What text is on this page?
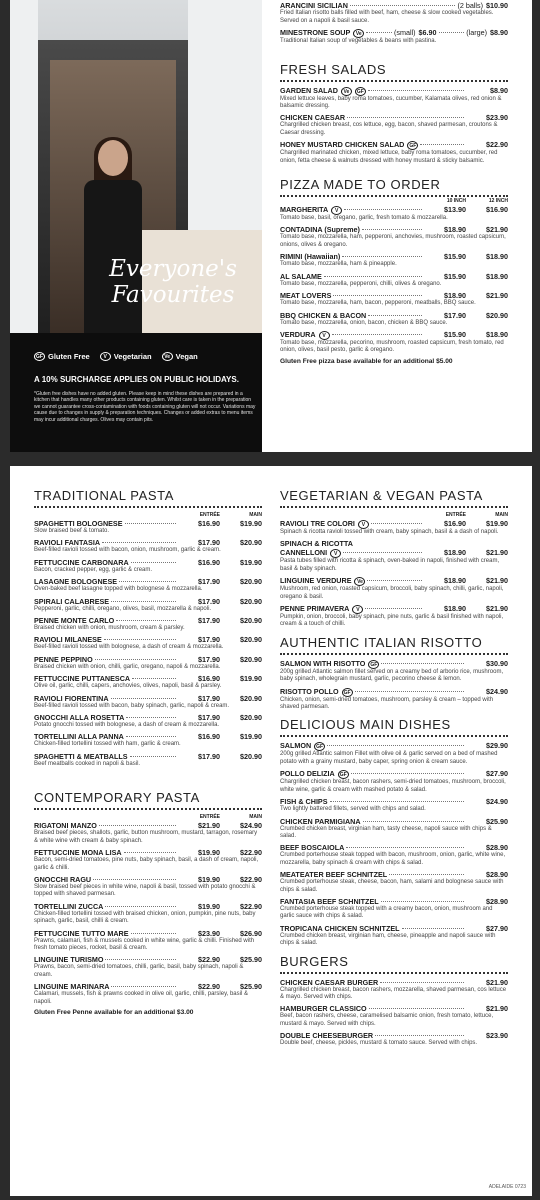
Everyone's
Favourites
GF Gluten Free	V Vegetarian	Ve Vegan
A 10% SURCHARGE APPLIES ON PUBLIC HOLIDAYS.
*Gluten free dishes have no added gluten. Please keep in mind these dishes are prepared in a kitchen that handles many other products containing gluten. Whilst care is taken in the preparation we cannot guarantee cross-contamination with foods containing gluten will not occur. Variations may cause due to changes in supply & preparation techniques. Changes or added extras to menu items may incur additional charges. Olives may contain pits.
ARANCINI SICILIAN	(2 balls) $10.90
Fried Italian risotto balls filled with beef, ham, cheese & slow cooked vegetables. Served on a napoli & basil sauce.
MINESTRONE SOUP	Ve	(small) $6.90	(large) $8.90
Traditional Italian soup of vegetables & beans with pastina.
FRESH SALADS
GARDEN SALAD	Ve	GF	$8.90
Mixed lettuce leaves, baby roma tomatoes, cucumber, Kalamata olives, red onion & balsamic dressing.
CHICKEN CAESAR	$23.90
Chargrilled chicken breast, cos lettuce, egg, bacon, shaved parmesan, croutons & Caesar dressing.
HONEY MUSTARD CHICKEN SALAD	GF	$22.90
Chargrilled marinated chicken, mixed lettuce, baby roma tomatoes, cucumber, red onion, fetta cheese & walnuts dressed with honey mustard & sticky balsamic.
PIZZA MADE TO ORDER
10 INCH	12 INCH
MARGHERITA	V	$13.90	$16.90
Tomato base, basil, oregano, garlic, fresh tomato & mozzarella.
CONTADINA (Supreme)	$18.90	$21.90
Tomato base, mozzarella, ham, pepperoni, anchovies, mushroom, roasted capsicum, onions, olives & oregano.
RIMINI (Hawaiian)	$15.90	$18.90
Tomato base, mozzarella, ham & pineapple.
AL SALAME	$15.90	$18.90
Tomato base, mozzarella, pepperoni, chilli, olives & oregano.
MEAT LOVERS	$18.90	$21.90
Tomato base, mozzarella, ham, bacon, pepperoni, meatballs, BBQ sauce.
BBQ CHICKEN & BACON	$17.90	$20.90
Tomato base, mozzarella, onion, bacon, chicken & BBQ sauce.
VERDURA	V	$15.90	$18.90
Tomato base, mozzarella, pecorino, mushroom, roasted capsicum, fresh tomato, red onion, olives, basil pesto, garlic & oregano.
Gluten Free pizza base available for an additional $5.00
TRADITIONAL PASTA
ENTRÉE	MAIN
SPAGHETTI BOLOGNESE	$16.90	$19.90
Slow braised beef & tomato.
RAVIOLI FANTASIA	$17.90	$20.90
Beef-filled ravioli tossed with bacon, onion, mushroom, garlic & cream.
FETTUCCINE CARBONARA	$16.90	$19.90
Bacon, cracked pepper, egg, garlic & cream.
LASAGNE BOLOGNESE	$17.90	$20.90
Oven-baked beef lasagne topped with bolognese & mozzarella.
SPIRALI CALABRESE	$17.90	$20.90
Pepperoni, garlic, chilli, oregano, olives, basil, mozzarella & napoli.
PENNE MONTE CARLO	$17.90	$20.90
Braised chicken with onion, mushroom, cream & parsley.
RAVIOLI MILANESE	$17.90	$20.90
Beef-filled ravioli tossed with bolognese, a dash of cream & mozzarella.
PENNE PEPPINO	$17.90	$20.90
Braised chicken with onion, chilli, garlic, oregano, napoli & mozzarella.
FETTUCCINE PUTTANESCA	$16.90	$19.90
Olive oil, garlic, chilli, capers, anchovies, olives, napoli, basil & parsley.
RAVIOLI FIORENTINA	$17.90	$20.90
Beef-filled ravioli tossed with bacon, baby spinach, garlic, napoli & cream.
GNOCCHI ALLA ROSETTA	$17.90	$20.90
Potato gnocchi tossed with bolognese, a dash of cream & mozzarella.
TORTELLINI ALLA PANNA	$16.90	$19.90
Chicken-filled tortellini tossed with ham, garlic & cream.
SPAGHETTI & MEATBALLS	$17.90	$20.90
Beef meatballs cooked in napoli & basil.
CONTEMPORARY PASTA
ENTRÉE	MAIN
RIGATONI MANZO	$21.90	$24.90
Braised beef pieces, shallots, garlic, button mushroom, mustard, tarragon, rosemary & white wine with cream & baby spinach.
FETTUCCINE MONA LISA	$19.90	$22.90
Bacon, semi-dried tomatoes, pine nuts, baby spinach, basil, a dash of cream, napoli, garlic & chilli.
GNOCCHI RAGU	$19.90	$22.90
Slow braised beef pieces in white wine, napoli & basil, tossed with potato gnocchi & topped with shaved parmesan.
TORTELLINI ZUCCA	$19.90	$22.90
Chicken-filled tortellini tossed with braised chicken, onion, pumpkin, pine nuts, baby spinach, garlic, basil, chilli & cream.
FETTUCCINE TUTTO MARE	$23.90	$26.90
Prawns, calamari, fish & mussels cooked in white wine, garlic & chilli. Finished with fresh tomato pieces, rocket, basil & cream.
LINGUINE TURISMO	$22.90	$25.90
Prawns, bacon, semi-dried tomatoes, chilli, garlic, basil, baby spinach, napoli & cream.
LINGUINE MARINARA	$22.90	$25.90
Calamari, mussels, fish & prawns cooked in olive oil, garlic, chilli, parsley, basil & napoli.
Gluten Free Penne available for an additional $3.00
VEGETARIAN & VEGAN PASTA
ENTRÉE	MAIN
RAVIOLI TRE COLORI	V	$16.90	$19.90
Spinach & ricotta ravioli tossed with cream, baby spinach, basil & a dash of napoli.
SPINACH & RICOTTA
CANNELLONI	V	$18.90	$21.90
Pasta tubes filled with ricotta & spinach, oven-baked in napoli, finished with cream, basil & baby spinach.
LINGUINE VERDURE	Ve	$18.90	$21.90
Mushroom, red onion, roasted capsicum, broccoli, baby spinach, chilli, garlic, napoli, oregano & basil.
PENNE PRIMAVERA	V	$18.90	$21.90
Pumpkin, onion, broccoli, baby spinach, pine nuts, garlic & basil finished with napoli, cream & a touch of chilli.
AUTHENTIC ITALIAN RISOTTO
SALMON WITH RISOTTO	GF	$30.90
200g grilled Atlantic salmon fillet served on a creamy bed of arborio rice, mushroom, baby spinach, wholegrain mustard, garlic, pecorino cheese & lemon.
RISOTTO POLLO	GF	$24.90
Chicken, onion, semi-dried tomatoes, mushroom, parsley & cream – topped with shaved parmesan.
DELICIOUS MAIN DISHES
SALMON	GF	$29.90
200g grilled Atlantic salmon Fillet with olive oil & garlic served on a bed of mashed potato with a grainy mustard, baby caper, spring onion & cream sauce.
POLLO DELIZIA	GF	$27.90
Chargrilled chicken breast, bacon rashers, semi-dried tomatoes, mushroom, broccoli, white wine, garlic & cream with mashed potato & salad.
FISH & CHIPS	$24.90
Two lightly battered fillets, served with chips and salad.
CHICKEN PARMIGIANA	$25.90
Crumbed chicken breast, virginian ham, tasty cheese, napoli sauce with chips & salad.
BEEF BOSCAIOLA	$28.90
Crumbed porterhouse steak topped with bacon, mushroom, onion, garlic, white wine, mozzarella, baby spinach & cream with chips & salad.
MEATEATER BEEF SCHNITZEL	$28.90
Crumbed porterhouse steak, cheese, bacon, ham, salami and bolognese sauce with chips & salad.
FANTASIA BEEF SCHNITZEL	$28.90
Crumbed porterhouse steak topped with a creamy bacon, onion, mushroom and garlic sauce with chips & salad.
TROPICANA CHICKEN SCHNITZEL	$27.90
Crumbed chicken breast, virginian ham, cheese, pineapple and napoli sauce with chips & salad.
BURGERS
CHICKEN CAESAR BURGER	$21.90
Chargrilled chicken breast, bacon rashers, mozzarella, shaved parmesan, cos lettuce & mayo. Served with chips.
HAMBURGER CLASSICO	$21.90
Beef, bacon rashers, cheese, caramelised balsamic onion, fresh tomato, lettuce, mustard & mayo. Served with chips.
DOUBLE CHEESEBURGER	$23.90
Double beef, cheese, pickles, mustard & tomato sauce. Served with chips.
ADELAIDE 0723
